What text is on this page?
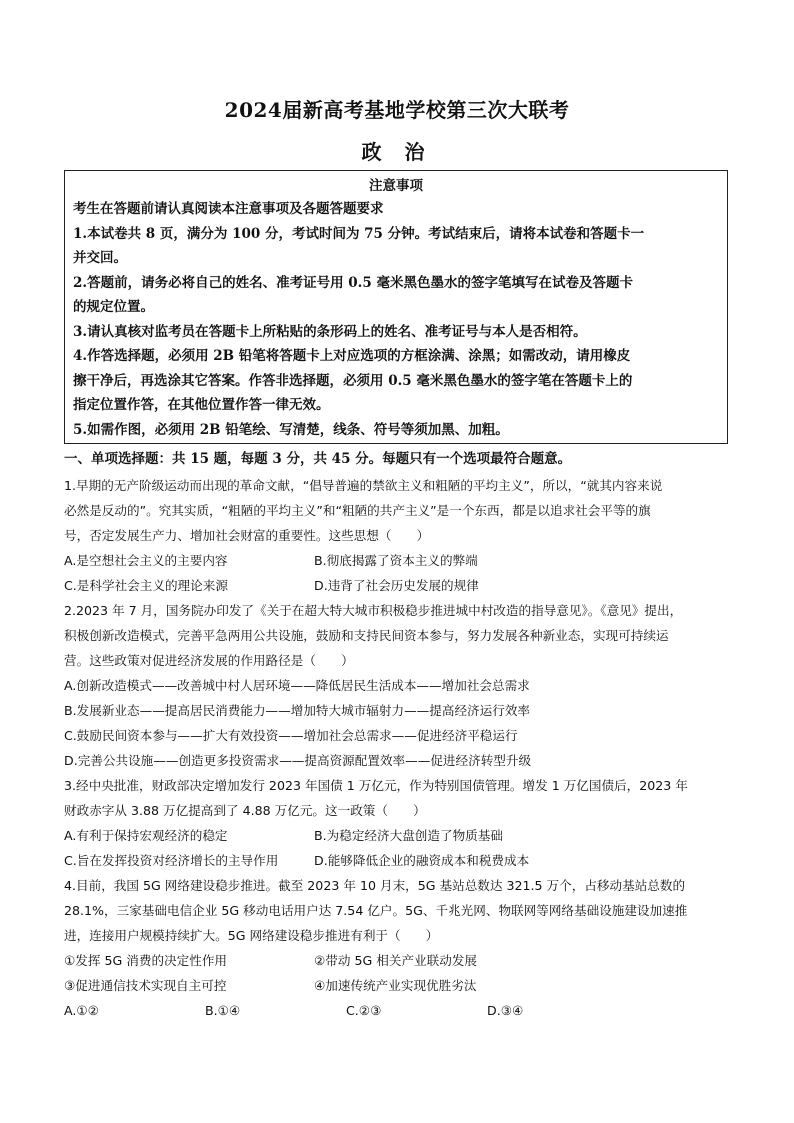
2024届新高考基地学校第三次大联考
政 治
注意事项
考生在答题前请认真阅读本注意事项及各题答题要求
1.本试卷共 8 页，满分为 100 分，考试时间为 75 分钟。考试结束后，请将本试卷和答题卡一
并交回。
2.答题前，请务必将自己的姓名、准考证号用 0.5 毫米黑色墨水的签字笔填写在试卷及答题卡
的规定位置。
3.请认真核对监考员在答题卡上所粘贴的条形码上的姓名、准考证号与本人是否相符。
4.作答选择题，必须用 2B 铅笔将答题卡上对应选项的方框涂满、涂黑；如需改动，请用橡皮
擦干净后，再选涂其它答案。作答非选择题，必须用 0.5 毫米黑色墨水的签字笔在答题卡上的
指定位置作答，在其他位置作答一律无效。
5.如需作图，必须用 2B 铅笔绘、写清楚，线条、符号等须加黑、加粗。
一、单项选择题：共 15 题，每题 3 分，共 45 分。每题只有一个选项最符合题意。
1.早期的无产阶级运动而出现的革命文献，“倡导普遍的禁欲主义和粗陋的平均主义”，所以，“就其内容来说
必然是反动的”。究其实质，“粗陋的平均主义”和“粗陋的共产主义”是一个东西，都是以追求社会平等的旗
号，否定发展生产力、增加社会财富的重要性。这些思想（　　）
A.是空想社会主义的主要内容	B.彻底揭露了资本主义的弊端
C.是科学社会主义的理论来源	D.违背了社会历史发展的规律
2.2023 年 7 月，国务院办印发了《关于在超大特大城市积极稳步推进城中村改造的指导意见》。《意见》提出，
积极创新改造模式，完善平急两用公共设施，鼓励和支持民间资本参与，努力发展各种新业态，实现可持续运
营。这些政策对促进经济发展的作用路径是（　　）
A.创新改造模式——改善城中村人居环境——降低居民生活成本——增加社会总需求
B.发展新业态——提高居民消费能力——增加特大城市辐射力——提高经济运行效率
C.鼓励民间资本参与——扩大有效投资——增加社会总需求——促进经济平稳运行
D.完善公共设施——创造更多投资需求——提高资源配置效率——促进经济转型升级
3.经中央批准，财政部决定增加发行 2023 年国债 1 万亿元，作为特别国债管理。增发 1 万亿国债后，2023 年
财政赤字从 3.88 万亿提高到了 4.88 万亿元。这一政策（　　）
A.有利于保持宏观经济的稳定	B.为稳定经济大盘创造了物质基础
C.旨在发挥投资对经济增长的主导作用	D.能够降低企业的融资成本和税费成本
4.目前，我国 5G 网络建设稳步推进。截至 2023 年 10 月末，5G 基站总数达 321.5 万个，占移动基站总数的
28.1%，三家基础电信企业 5G 移动电话用户达 7.54 亿户。5G、千兆光网、物联网等网络基础设施建设加速推
进，连接用户规模持续扩大。5G 网络建设稳步推进有利于（　　）
①发挥 5G 消费的决定性作用	②带动 5G 相关产业联动发展
③促进通信技术实现自主可控	④加速传统产业实现优胜劣汰
A.①②	B.①④	C.②③	D.③④
